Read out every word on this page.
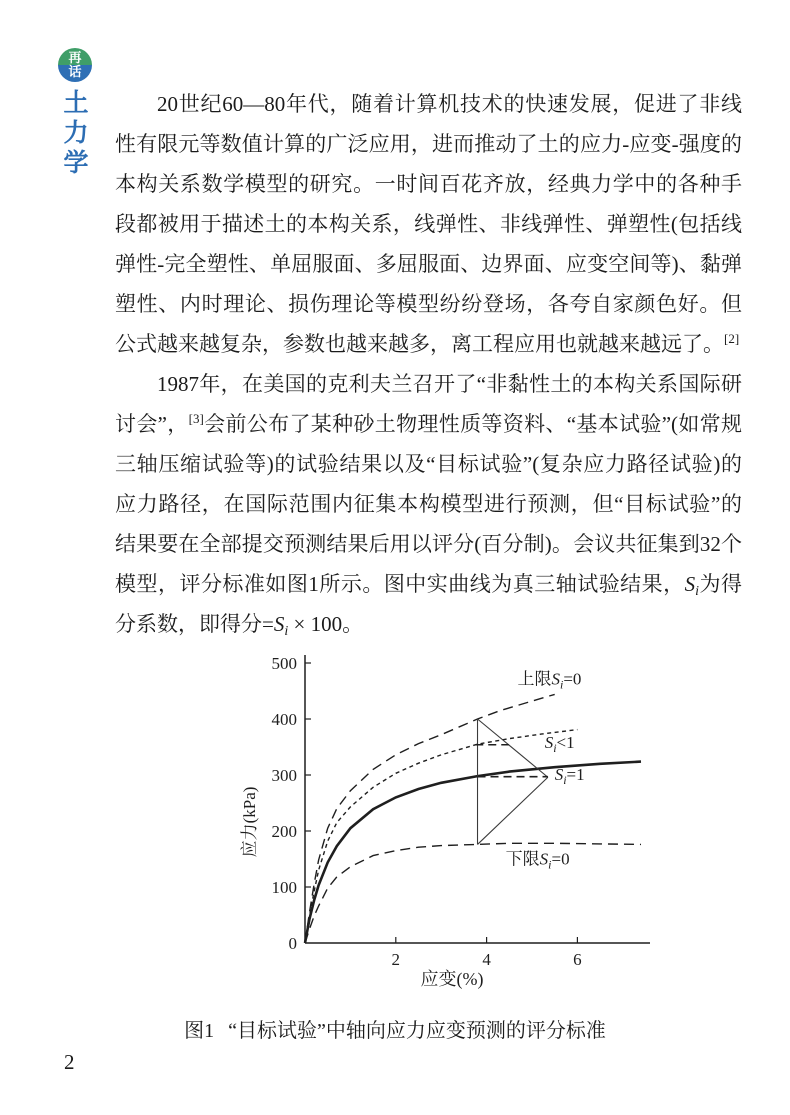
再
话
土
力
学

20世纪60—80年代，随着计算机技术的快速发展，促进了非线性有限元等数值计算的广泛应用，进而推动了土的应力-应变-强度的本构关系数学模型的研究。一时间百花齐放，经典力学中的各种手段都被用于描述土的本构关系，线弹性、非线弹性、弹塑性(包括线弹性-完全塑性、单屈服面、多屈服面、边界面、应变空间等)、黏弹塑性、内时理论、损伤理论等模型纷纷登场，各夸自家颜色好。但公式越来越复杂，参数也越来越多，离工程应用也就越来越远了。[2]

1987年，在美国的克利夫兰召开了“非黏性土的本构关系国际研讨会”，[3]会前公布了某种砂土物理性质等资料、“基本试验”(如常规三轴压缩试验等)的试验结果以及“目标试验”(复杂应力路径试验)的应力路径，在国际范围内征集本构模型进行预测，但“目标试验”的结果要在全部提交预测结果后用以评分(百分制)。会议共征集到32个模型，评分标准如图1所示。图中实曲线为真三轴试验结果，Si为得分系数，即得分=Si × 100。

100
200
300
400
500
0
2	4	6
应变(%)
应力(kPa)
上限$S_i=0$
$S_i<1$
$S_i=1$
下限$S_i=0$
图1 “目标试验”中轴向应力应变预测的评分标准
2
